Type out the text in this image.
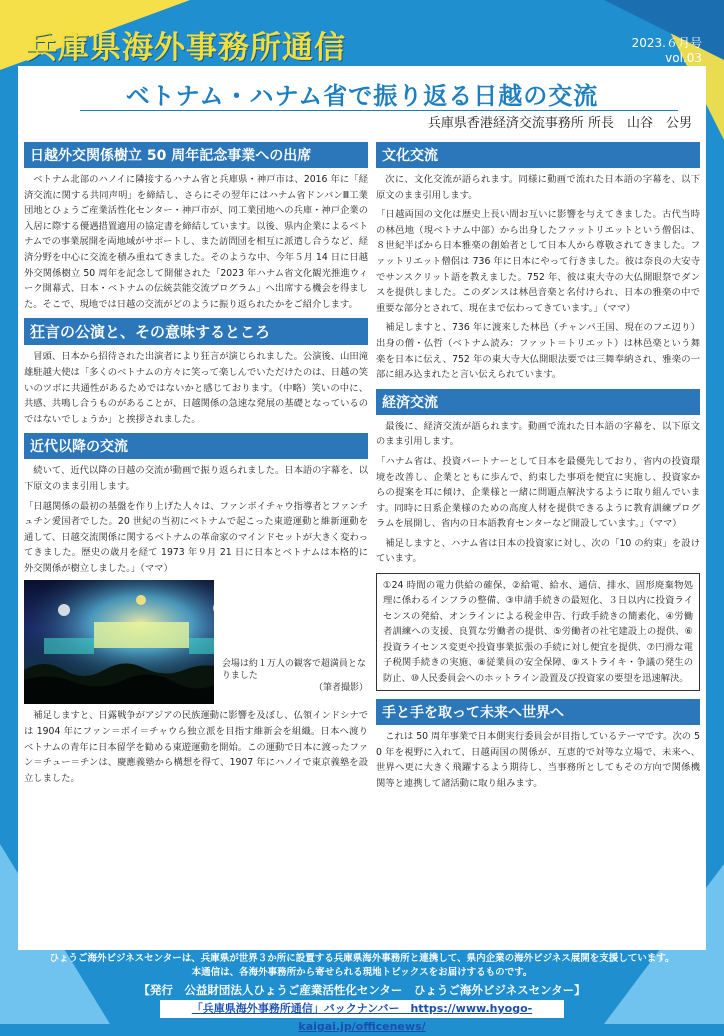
兵庫県海外事務所通信	2023.６月号
vol.03
ベトナム・ハナム省で振り返る日越の交流
兵庫県香港経済交流事務所 所長　山谷　公男
日越外交関係樹立 50 周年記念事業への出席

ベトナム北部のハノイに隣接するハナム省と兵庫県・神戸市は、2016 年に「経済交流に関する共同声明」を締結し、さらにその翌年にはハナム省ドンバンⅢ工業団地とひょうご産業活性化センター・神戸市が、同工業団地への兵庫・神戸企業の入居に際する優遇措置適用の協定書を締結しています。以後、県内企業によるベトナムでの事業展開を両地域がサポートし、また訪問団を相互に派遣し合うなど、経済分野を中心に交流を積み重ねてきました。そのような中、今年５月 14 日に日越外交関係樹立 50 周年を記念して開催された「2023 年ハナム省文化観光推進ウィーク開幕式、日本・ベトナムの伝統芸能交流プログラム」へ出席する機会を得ました。そこで、現地では日越の交流がどのように振り返られたかをご紹介します。

狂言の公演と、その意味するところ

冒頭、日本から招待された出演者により狂言が演じられました。公演後、山田滝雄駐越大使は「多くのベトナムの方々に笑って楽しんでいただけたのは、日越の笑いのツボに共通性があるためではないかと感じております。（中略）笑いの中に、共感、共鳴し合うものがあることが、日越関係の急速な発展の基礎となっているのではないでしょうか」と挨拶されました。

近代以降の交流

続いて、近代以降の日越の交流が動画で振り返られました。日本語の字幕を、以下原文のまま引用します。

「日越関係の最初の基盤を作り上げた人々は、ファンボイチャウ指導者とファンチュチン愛国者でした。20 世紀の当初にベトナムで起こった東遊運動と維新運動を通して、日越交流関係に関するベトナムの革命家のマインドセットが大きく変わってきました。歴史の歳月を経て 1973 年９月 21 日に日本とベトナムは本格的に外交関係が樹立しました。」（ママ）

会場は約１万人の観客で超満員となりました
（筆者撮影）

補足しますと、日露戦争がアジアの民族運動に影響を及ぼし、仏領インドシナでは 1904 年にファン＝ボイ＝チャウら独立派を目指す維新会を組織。日本へ渡りベトナムの青年に日本留学を勧める東遊運動を開始。この運動で日本に渡ったファン＝チュー＝チンは、慶應義塾から構想を得て、1907 年にハノイで東京義塾を設立しました。

文化交流

次に、文化交流が語られます。同様に動画で流れた日本語の字幕を、以下原文のまま引用します。

「日越両国の文化は歴史上長い間お互いに影響を与えてきました。古代当時の林邑地（現ベトナム中部）から出身したファットリエットという僧侶は、８世紀半ばから日本雅楽の創始者として日本人から尊敬されてきました。ファットリエット僧侶は 736 年に日本にやって行きました。彼は奈良の大安寺でサンスクリット語を教えました。752 年、彼は東大寺の大仏開眼祭でダンスを提供しました。このダンスは林邑音楽と名付けられ、日本の雅楽の中で重要な部分とされて、現在まで伝わってきています。」（ママ）

補足しますと、736 年に渡来した林邑（チャンパ王国、現在のフエ辺り）出身の僧・仏哲（ベトナム読み：ファット＝トリエット）は林邑楽という舞楽を日本に伝え、752 年の東大寺大仏開眼法要では三舞奉納され、雅楽の一部に組み込まれたと言い伝えられています。

経済交流

最後に、経済交流が語られます。動画で流れた日本語の字幕を、以下原文のまま引用します。

「ハナム省は、投資パートナーとして日本を最優先しており、省内の投資環境を改善し、企業とともに歩んで、約束した事項を便宜に実施し、投資家からの提案を耳に傾け、企業様と一緒に問題点解決するように取り組んでいます。同時に日系企業様のための高度人材を提供できるように教育訓練プログラムを展開し、省内の日本語教育センターなど開設しています。」（ママ）

補足しますと、ハナム省は日本の投資家に対し、次の「10 の約束」を設けています。

①24 時間の電力供給の確保、②給電、給水、通信、排水、固形廃棄物処理に係わるインフラの整備、③申請手続きの最短化、３日以内に投資ライセンスの発給、オンラインによる税金申告、行政手続きの簡素化、④労働者訓練への支援、良質な労働者の提供、⑤労働者の社宅建設上の提供、⑥投資ライセンス変更や投資事業拡張の手続に対し便宜を提供、⑦円滑な電子税関手続きの実施、⑧従業員の安全保障、⑨ストライキ・争議の発生の防止、⑩人民委員会へのホットライン設置及び投資家の要望を迅速解決。

手と手を取って未来へ世界へ

これは 50 周年事業で日本側実行委員会が目指しているテーマです。次の 50 年を視野に入れて、日越両国の関係が、互恵的で対等な立場で、未来へ、世界へ更に大きく飛躍するよう期待し、当事務所としてもその方向で関係機関等と連携して諸活動に取り組みます。

ひょうご海外ビジネスセンターは、兵庫県が世界３か所に設置する兵庫県海外事務所と連携して、県内企業の海外ビジネス展開を支援しています。
本通信は、各海外事務所から寄せられる現地トピックスをお届けするものです。
【発行　公益財団法人ひょうご産業活性化センター　ひょうご海外ビジネスセンター】
「兵庫県海外事務所通信」バックナンバー　https://www.hyogo-kaigai.jp/officenews/
